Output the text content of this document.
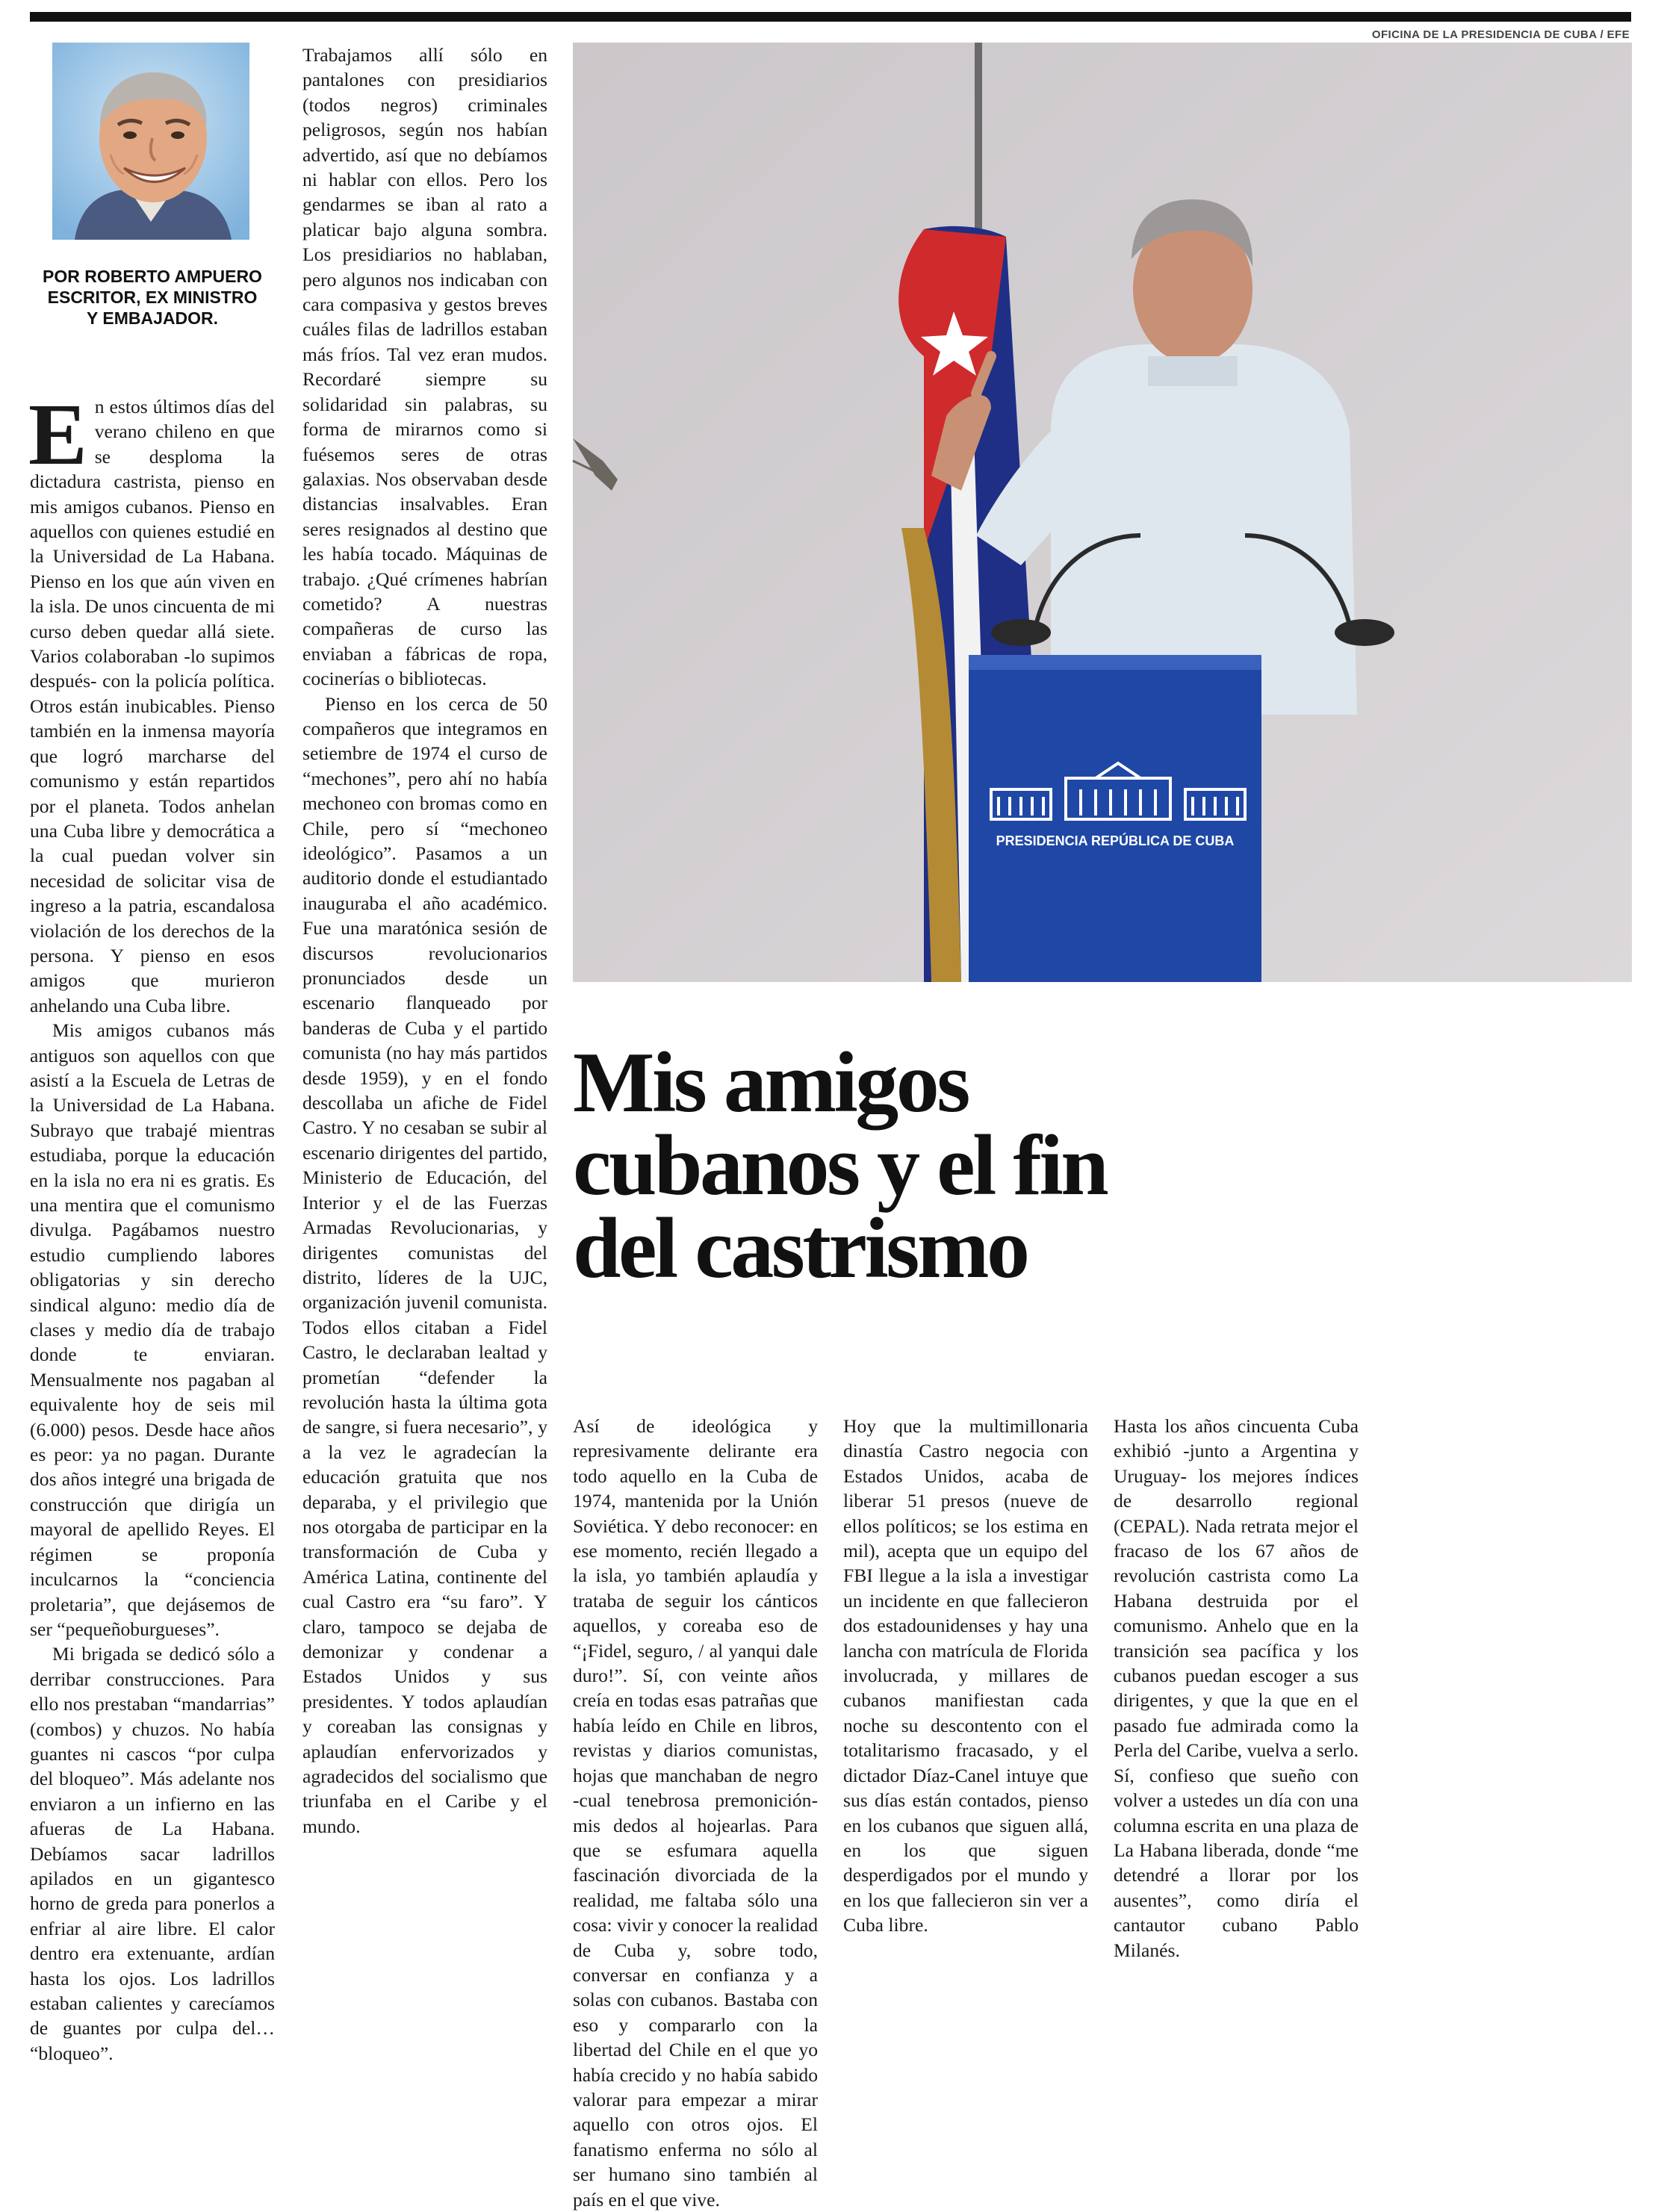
OFICINA DE LA PRESIDENCIA DE CUBA / EFE
POR ROBERTO AMPUERO
ESCRITOR, EX MINISTRO
Y EMBAJADOR.

En estos últimos días del verano chileno en que se desploma la dictadura castrista, pienso en mis amigos cubanos. Pienso en aquellos con quienes estudié en la Universidad de La Habana. Pienso en los que aún viven en la isla. De unos cincuenta de mi curso deben quedar allá siete. Varios colaboraban -lo supimos después- con la policía política. Otros están inubicables. Pienso también en la inmensa mayoría que logró marcharse del comunismo y están repartidos por el planeta. Todos anhelan una Cuba libre y democrática a la cual puedan volver sin necesidad de solicitar visa de ingreso a la patria, escandalosa violación de los derechos de la persona. Y pienso en esos amigos que murieron anhelando una Cuba libre.

Mis amigos cubanos más antiguos son aquellos con que asistí a la Escuela de Letras de la Universidad de La Habana. Subrayo que trabajé mientras estudiaba, porque la educación en la isla no era ni es gratis. Es una mentira que el comunismo divulga. Pagábamos nuestro estudio cumpliendo labores obligatorias y sin derecho sindical alguno: medio día de clases y medio día de trabajo donde te enviaran. Mensualmente nos pagaban al equivalente hoy de seis mil (6.000) pesos. Desde hace años es peor: ya no pagan. Durante dos años integré una brigada de construcción que dirigía un mayoral de apellido Reyes. El régimen se proponía inculcarnos la “conciencia proletaria”, que dejásemos de ser “pequeñoburgueses”.

Mi brigada se dedicó sólo a derribar construcciones. Para ello nos prestaban “mandarrias” (combos) y chuzos. No había guantes ni cascos “por culpa del bloqueo”. Más adelante nos enviaron a un infierno en las afueras de La Habana. Debíamos sacar ladrillos apilados en un gigantesco horno de greda para ponerlos a enfriar al aire libre. El calor dentro era extenuante, ardían hasta los ojos. Los ladrillos estaban calientes y carecíamos de guantes por culpa del… “bloqueo”.

Trabajamos allí sólo en pantalones con presidiarios (todos negros) criminales peligrosos, según nos habían advertido, así que no debíamos ni hablar con ellos. Pero los gendarmes se iban al rato a platicar bajo alguna sombra. Los presidiarios no hablaban, pero algunos nos indicaban con cara compasiva y gestos breves cuáles filas de ladrillos estaban más fríos. Tal vez eran mudos. Recordaré siempre su solidaridad sin palabras, su forma de mirarnos como si fuésemos seres de otras galaxias. Nos observaban desde distancias insalvables. Eran seres resignados al destino que les había tocado. Máquinas de trabajo. ¿Qué crímenes habrían cometido? A nuestras compañeras de curso las enviaban a fábricas de ropa, cocinerías o bibliotecas.

Pienso en los cerca de 50 compañeros que integramos en setiembre de 1974 el curso de “mechones”, pero ahí no había mechoneo con bromas como en Chile, pero sí “mechoneo ideológico”. Pasamos a un auditorio donde el estudiantado inauguraba el año académico. Fue una maratónica sesión de discursos revolucionarios pronunciados desde un escenario flanqueado por banderas de Cuba y el partido comunista (no hay más partidos desde 1959), y en el fondo descollaba un afiche de Fidel Castro. Y no cesaban se subir al escenario dirigentes del partido, Ministerio de Educación, del Interior y el de las Fuerzas Armadas Revolucionarias, y dirigentes comunistas del distrito, líderes de la UJC, organización juvenil comunista. Todos ellos citaban a Fidel Castro, le declaraban lealtad y prometían “defender la revolución hasta la última gota de sangre, si fuera necesario”, y a la vez le agradecían la educación gratuita que nos deparaba, y el privilegio que nos otorgaba de participar en la transformación de Cuba y América Latina, continente del cual Castro era “su faro”. Y claro, tampoco se dejaba de demonizar y condenar a Estados Unidos y sus presidentes. Y todos aplaudían y coreaban las consignas y aplaudían enfervorizados y agradecidos del socialismo que triunfaba en el Caribe y el mundo.

PRESIDENCIA REPÚBLICA DE CUBA
Mis amigos
cubanos y el fin
del castrismo

Así de ideológica y represivamente delirante era todo aquello en la Cuba de 1974, mantenida por la Unión Soviética. Y debo reconocer: en ese momento, recién llegado a la isla, yo también aplaudía y trataba de seguir los cánticos aquellos, y coreaba eso de “¡Fidel, seguro, / al yanqui dale duro!”. Sí, con veinte años creía en todas esas patrañas que había leído en Chile en libros, revistas y diarios comunistas, hojas que manchaban de negro -cual tenebrosa premonición- mis dedos al hojearlas. Para que se esfumara aquella fascinación divorciada de la realidad, me faltaba sólo una cosa: vivir y conocer la realidad de Cuba y, sobre todo, conversar en confianza y a solas con cubanos. Bastaba con eso y compararlo con la libertad del Chile en el que yo había crecido y no había sabido valorar para empezar a mirar aquello con otros ojos. El fanatismo enferma no sólo al ser humano sino también al país en el que vive.

Hoy que la multimillonaria dinastía Castro negocia con Estados Unidos, acaba de liberar 51 presos (nueve de ellos políticos; se los estima en mil), acepta que un equipo del FBI llegue a la isla a investigar un incidente en que fallecieron dos estadounidenses y hay una lancha con matrícula de Florida involucrada, y millares de cubanos manifiestan cada noche su descontento con el totalitarismo fracasado, y el dictador Díaz-Canel intuye que sus días están contados, pienso en los cubanos que siguen allá, en los que siguen desperdigados por el mundo y en los que fallecieron sin ver a Cuba libre.

Hasta los años cincuenta Cuba exhibió -junto a Argentina y Uruguay- los mejores índices de desarrollo regional (CEPAL). Nada retrata mejor el fracaso de los 67 años de revolución castrista como La Habana destruida por el comunismo. Anhelo que en la transición sea pacífica y los cubanos puedan escoger a sus dirigentes, y que la que en el pasado fue admirada como la Perla del Caribe, vuelva a serlo. Sí, confieso que sueño con volver a ustedes un día con una columna escrita en una plaza de La Habana liberada, donde “me detendré a llorar por los ausentes”, como diría el cantautor cubano Pablo Milanés.
